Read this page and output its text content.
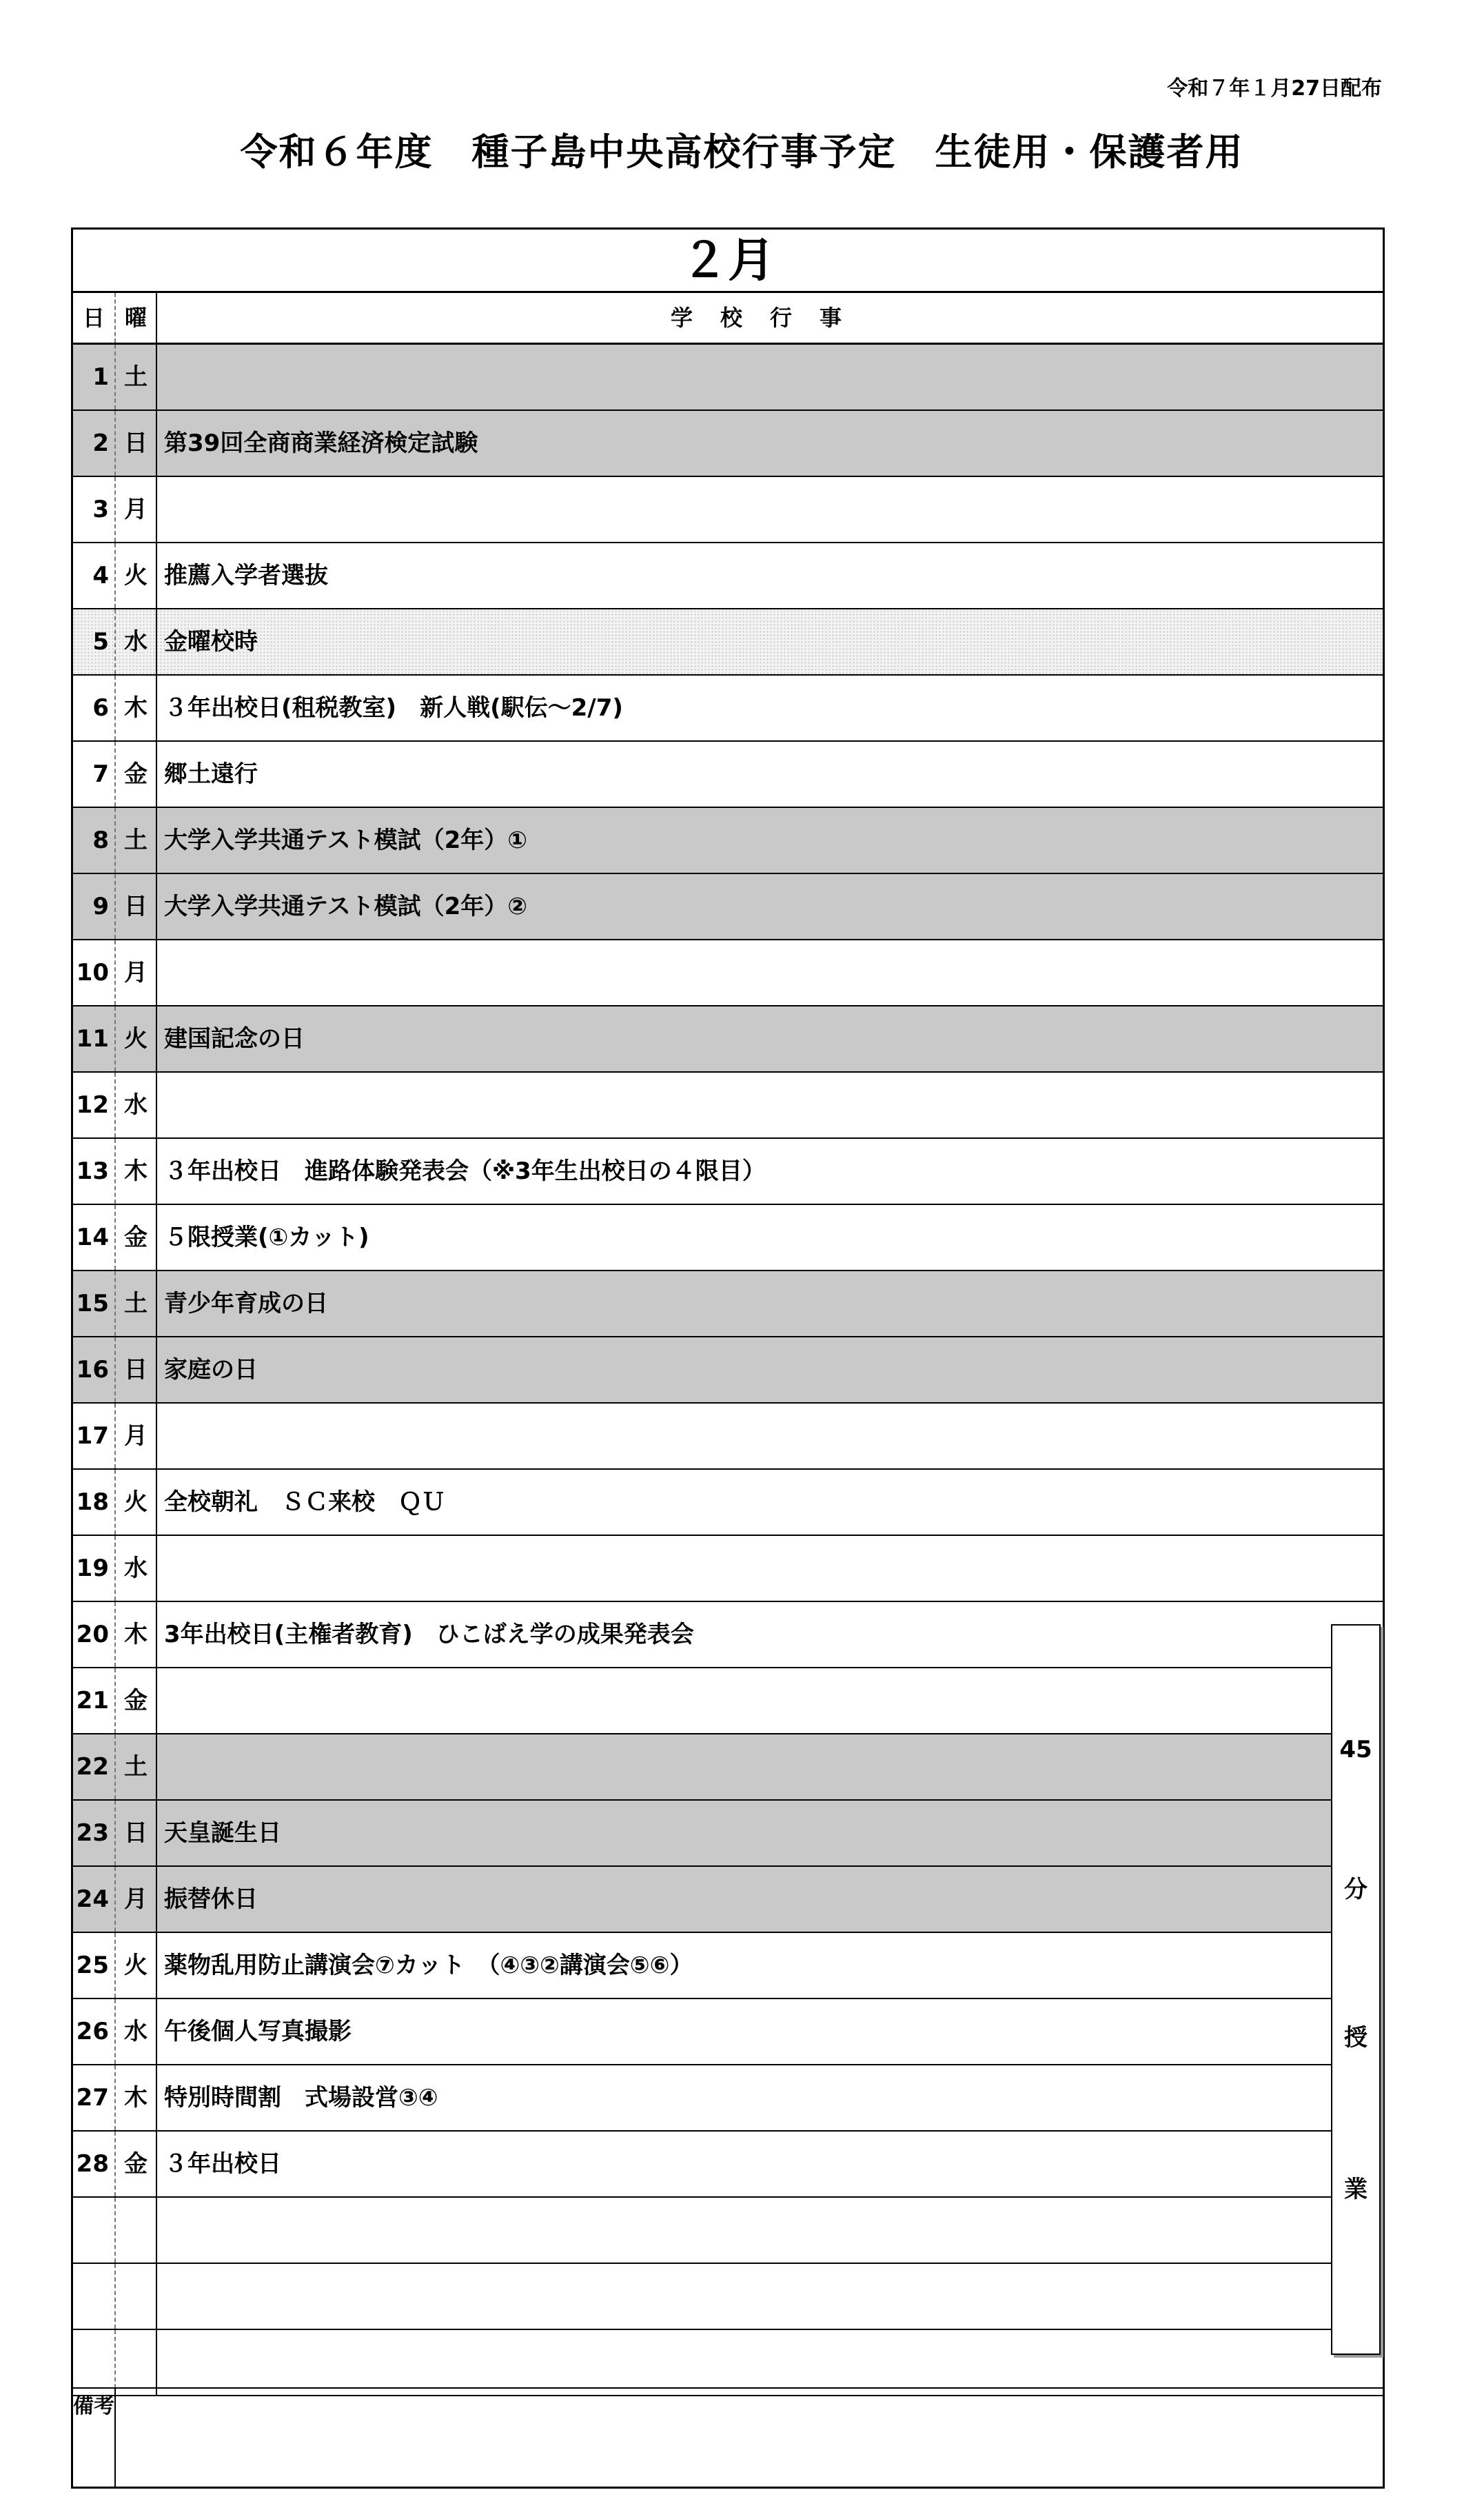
令和７年１月27日配布
令和６年度　種子島中央高校行事予定　生徒用・保護者用
２月
日 曜	学校行事
1 土
2 日 第39回全商商業経済検定試験
3 月
4 火 推薦入学者選抜
5 水 金曜校時
6 木 ３年出校日(租税教室)　新人戦(駅伝～2/7)
7 金 郷土遠行
8 土 大学入学共通テスト模試（2年）①
9 日 大学入学共通テスト模試（2年）②
10 月
11 火 建国記念の日
12 水
13 木 ３年出校日　進路体験発表会（※3年生出校日の４限目）
14 金 ５限授業(①カット)
15 土 青少年育成の日
16 日 家庭の日
17 月
18 火 全校朝礼　ＳＣ来校　ＱＵ
19 水
20 木 3年出校日(主権者教育)　ひこばえ学の成果発表会
21 金
22 土
23 日 天皇誕生日
24 月 振替休日
25 火 薬物乱用防止講演会⑦カット　（④③②講演会⑤⑥）
26 水 午後個人写真撮影
27 木 特別時間割　式場設営③④
28 金 ３年出校日
備考
45
分
授
業
